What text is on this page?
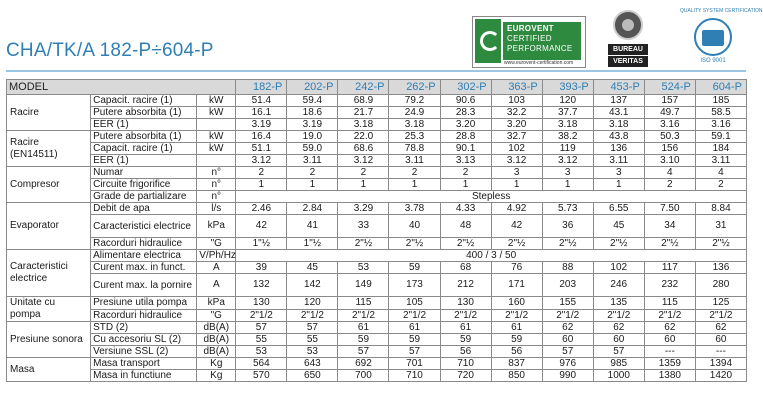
EUROVENT
CERTIFIED
PERFORMANCE
www.eurovent-certification.com
BUREAU
VERITAS
QUALITY SYSTEM CERTIFICATION
ISO 9001
CHA/TK/A 182-P÷604-P
MODEL			182-P	202-P	242-P	262-P	302-P	363-P	393-P	453-P	524-P	604-P
Racire	Capacit. racire (1)	kW	51.4	59.4	68.9	79.2	90.6	103	120	137	157	185
	Putere absorbita (1)	kW	16.1	18.6	21.7	24.9	28.3	32.2	37.7	43.1	49.7	58.5
	EER (1)		3.19	3.19	3.18	3.18	3.20	3.20	3.18	3.18	3.16	3.16
Racire (EN14511)	Putere absorbita (1)	kW	16.4	19.0	22.0	25.3	28.8	32.7	38.2	43.8	50.3	59.1
	Capacit. racire (1)	kW	51.1	59.0	68.6	78.8	90.1	102	119	136	156	184
	EER (1)		3.12	3.11	3.12	3.11	3.13	3.12	3.12	3.11	3.10	3.11
Compresor	Numar	n°	2	2	2	2	2	3	3	3	4	4
	Circuite frigorifice	n°	1	1	1	1	1	1	1	1	2	2
	Grade de partializare	n°	Stepless									
Evaporator	Debit de apa	l/s	2.46	2.84	3.29	3.78	4.33	4.92	5.73	6.55	7.50	8.84
	Caracteristici electrice	kPa	42	41	33	40	48	42	36	45	34	31
	Racorduri hidraulice	"G	1"½	1"½	2"½	2"½	2"½	2"½	2"½	2"½	2"½	2"½
Caracteristici electrice	Alimentare electrica	V/Ph/Hz	400 / 3 / 50									
	Curent max. in funct.	A	39	45	53	59	68	76	88	102	117	136
	Curent max. la pornire	A	132	142	149	173	212	171	203	246	232	280
Unitate cu pompa	Presiune utila pompa	kPa	130	120	115	105	130	160	155	135	115	125
	Racorduri hidraulice	"G	2"1/2	2"1/2	2"1/2	2"1/2	2"1/2	2"1/2	2"1/2	2"1/2	2"1/2	2"1/2
Presiune sonora	STD (2)	dB(A)	57	57	61	61	61	61	62	62	62	62
	Cu accesoriu SL (2)	dB(A)	55	55	59	59	59	59	60	60	60	60
	Versiune SSL (2)	dB(A)	53	53	57	57	56	56	57	57	---	---
Masa	Masa transport	Kg	564	643	692	701	710	837	976	985	1359	1394
	Masa in functiune	Kg	570	650	700	710	720	850	990	1000	1380	1420
